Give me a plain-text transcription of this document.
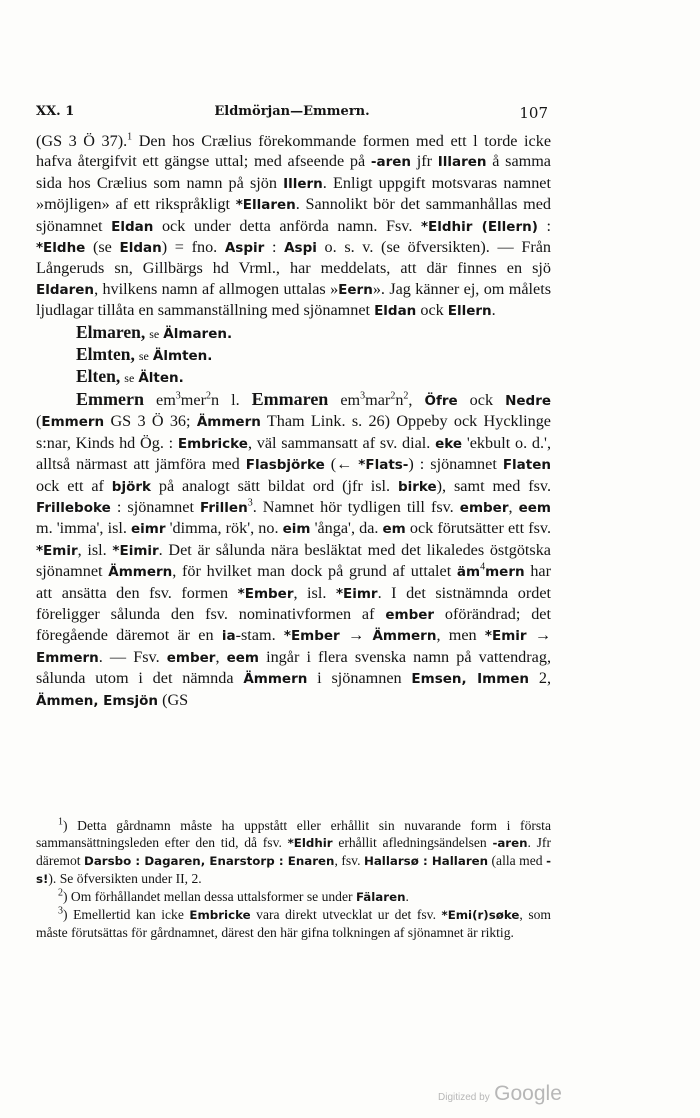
XX. 1	Eldmörjan—Emmern.	107

(GS 3 Ö 37).$^1$ Den hos Crælius förekommande formen med ett l torde icke hafva återgifvit ett gängse uttal; med afseende på -aren jfr Illaren å samma sida hos Crælius som namn på sjön Illern. Enligt uppgift motsvaras namnet »möjligen» af ett rikspråkligt *Ellaren. Sannolikt bör det sammanhållas med sjönamnet Eldan ock under detta anförda namn. Fsv. *Eldhir (Ellern) : *Eldhe (se Eldan) = fno. Aspir : Aspi o. s. v. (se öfversikten). — Från Långeruds sn, Gillbärgs hd Vrml., har meddelats, att där finnes en sjö Eldaren, hvilkens namn af allmogen uttalas »Eern». Jag känner ej, om målets ljudlagar tillåta en sammanställning med sjönamnet Eldan ock Ellern.

Elmaren, se Älmaren.

Elmten, se Älmten.

Elten, se Älten.

Emmern $em^3mer^2n$ l. Emmaren $em^3mar^2n^2$, Öfre ock Nedre (Emmern GS 3 Ö 36; Ämmern Tham Link. s. 26) Oppeby ock Hycklinge s:nar, Kinds hd Ög. : Embricke, väl sammansatt af sv. dial. eke 'ekbult o. d.', alltså närmast att jämföra med Flasbjörke (← *Flats-) : sjönamnet Flaten ock ett af björk på analogt sätt bildat ord (jfr isl. birke), samt med fsv. Frilleboke : sjönamnet Frillen$^3$. Namnet hör tydligen till fsv. ember, eem m. 'imma', isl. eimr 'dimma, rök', no. eim 'ånga', da. em ock förutsätter ett fsv. *Emir, isl. *Eimir. Det är sålunda nära besläktat med det likaledes östgötska sjönamnet Ämmern, för hvilket man dock på grund af uttalet $äm^4mern$ har att ansätta den fsv. formen *Ember, isl. *Eimr. I det sistnämnda ordet föreligger sålunda den fsv. nominativformen af ember oförändrad; det föregående däremot är en ia-stam. *Ember → Ämmern, men *Emir → Emmern. — Fsv. ember, eem ingår i flera svenska namn på vattendrag, sålunda utom i det nämnda Ämmern i sjönamnen Emsen, Immen 2, Ämmen, Emsjön (GS

$^1$) Detta gårdnamn måste ha uppstått eller erhållit sin nuvarande form i första sammansättningsleden efter den tid, då fsv. *Eldhir erhållit afledningsändelsen -aren. Jfr däremot Darsbo : Dagaren, Enarstorp : Enaren, fsv. Hallarsø : Hallaren (alla med -s!). Se öfversikten under II, 2.

$^2$) Om förhållandet mellan dessa uttalsformer se under Fälaren.

$^3$) Emellertid kan icke Embricke vara direkt utvecklat ur det fsv. *Emi(r)søke, som måste förutsättas för gårdnamnet, därest den här gifna tolkningen af sjönamnet är riktig.

Digitized by Google
